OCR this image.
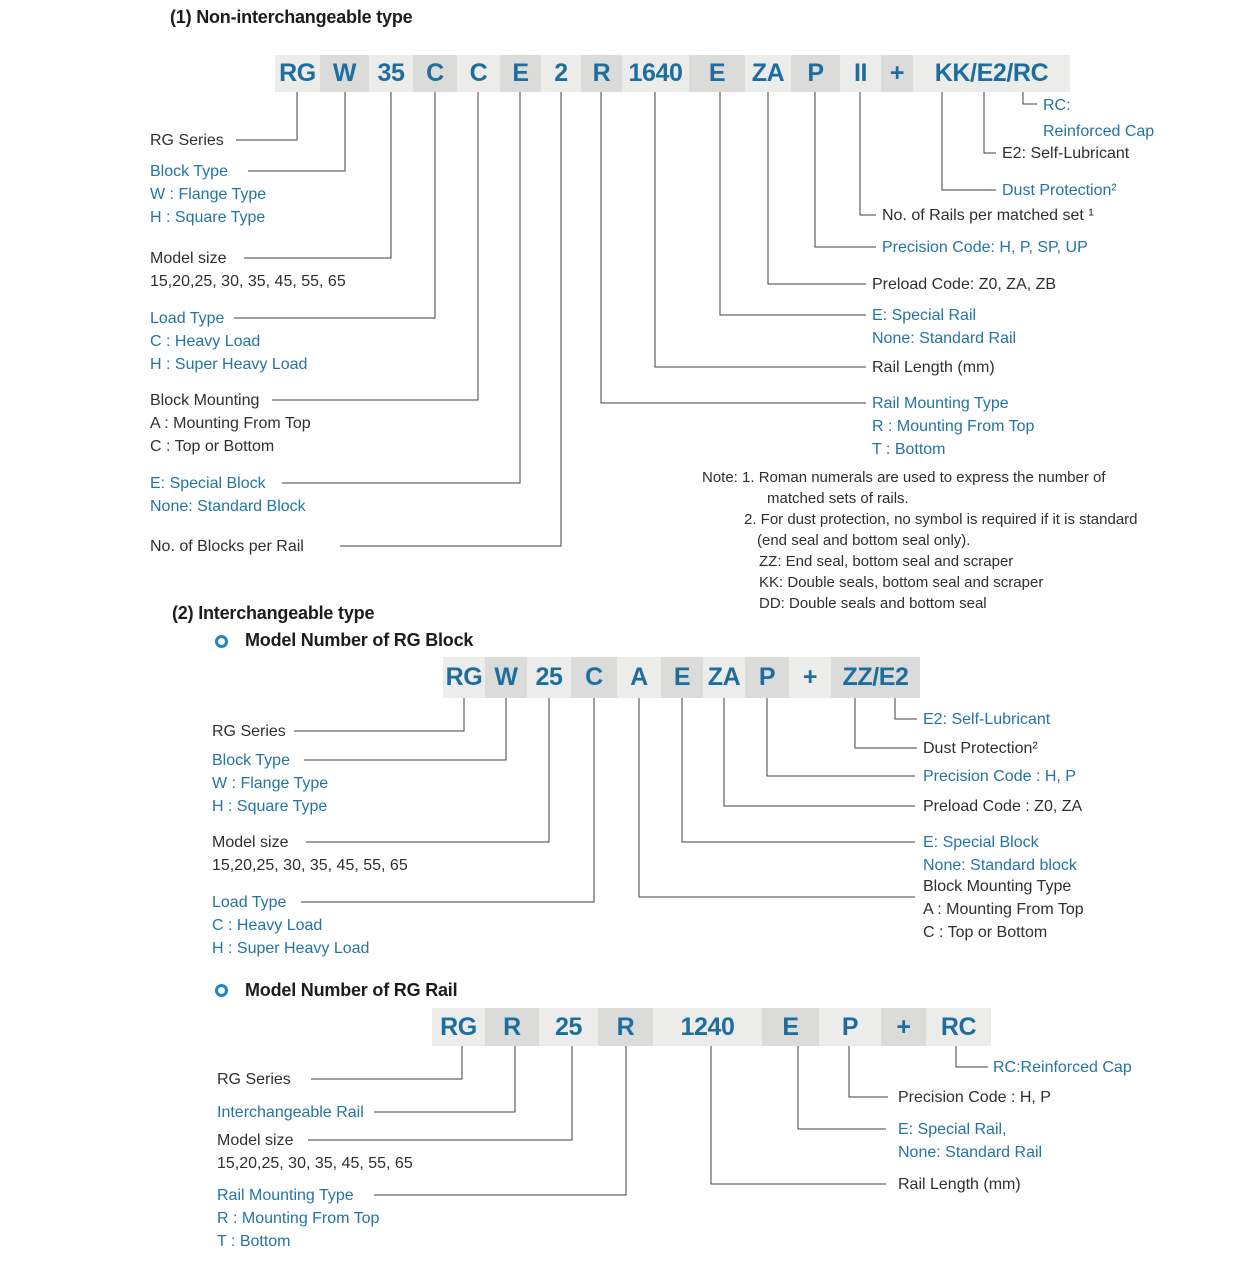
(1) Non-interchangeable type
RG W 35 C	C	E	2 R 1640	E	ZA P	II +	KK/E2/RC
RG Series
Block Type
W : Flange Type
H : Square Type
Model size
15,20,25, 30, 35, 45, 55, 65
Load Type
C : Heavy Load
H : Super Heavy Load
Block Mounting
A : Mounting From Top
C : Top or Bottom
E: Special Block
None: Standard Block
No. of Blocks per Rail
RC:
Reinforced Cap
E2: Self-Lubricant
Dust Protection²
No. of Rails per matched set ¹
Precision Code: H, P, SP, UP
Preload Code: Z0, ZA, ZB
E: Special Rail
None: Standard Rail
Rail Length (mm)
Rail Mounting Type
R : Mounting From Top
T : Bottom
Note: 1. Roman numerals are used to express the number of
matched sets of rails.
2. For dust protection, no symbol is required if it is standard
(end seal and bottom seal only).
ZZ: End seal, bottom seal and scraper
KK: Double seals, bottom seal and scraper
DD: Double seals and bottom seal
(2) Interchangeable type
Model Number of RG Block
RG W 25 C	A	E ZA P	+	ZZ/E2
RG Series
Block Type
W : Flange Type
H : Square Type
Model size
15,20,25, 30, 35, 45, 55, 65
Load Type
C : Heavy Load
H : Super Heavy Load
E2: Self-Lubricant
Dust Protection²
Precision Code : H, P
Preload Code : Z0, ZA
E: Special Block
None: Standard block
Block Mounting Type
A : Mounting From Top
C : Top or Bottom
Model Number of RG Rail
RG	R	25	R	1240	E	P	+	RC
RG Series
Interchangeable Rail
Model size
15,20,25, 30, 35, 45, 55, 65
Rail Mounting Type
R : Mounting From Top
T : Bottom
RC:Reinforced Cap
Precision Code : H, P
E: Special Rail,
None: Standard Rail
Rail Length (mm)
